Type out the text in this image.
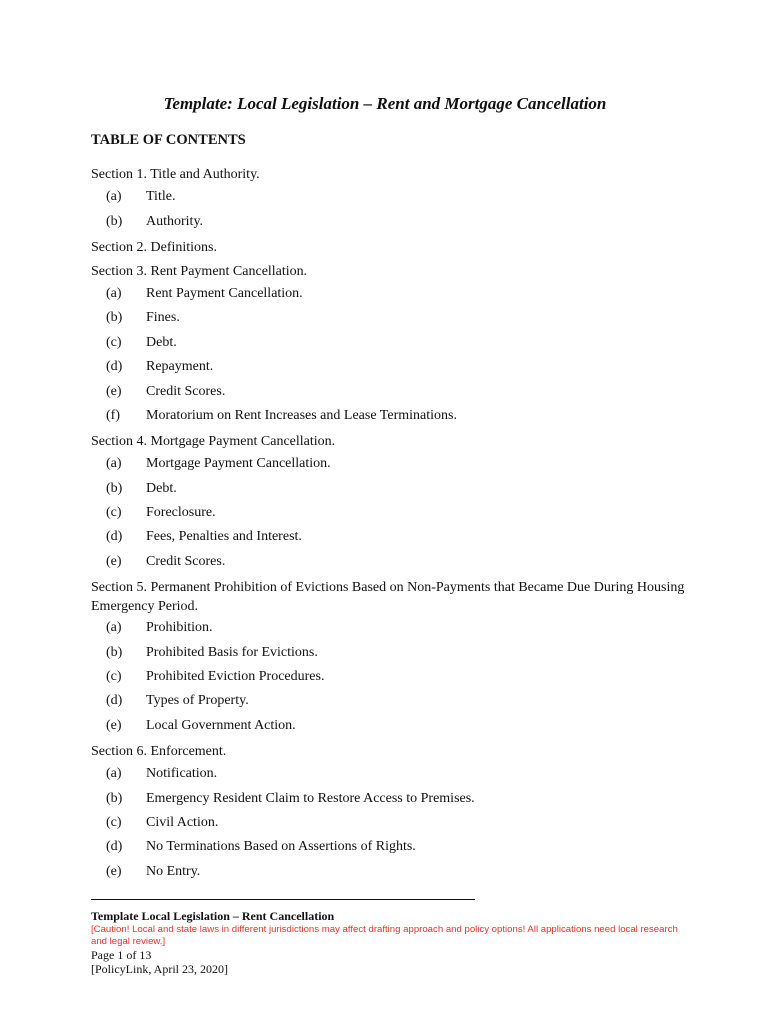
Template: Local Legislation – Rent and Mortgage Cancellation
TABLE OF CONTENTS
Section 1. Title and Authority.
(a)	Title.
(b)	Authority.
Section 2. Definitions.
Section 3. Rent Payment Cancellation.
(a)	Rent Payment Cancellation.
(b)	Fines.
(c)	Debt.
(d)	Repayment.
(e)	Credit Scores.
(f)	Moratorium on Rent Increases and Lease Terminations.
Section 4. Mortgage Payment Cancellation.
(a)	Mortgage Payment Cancellation.
(b)	Debt.
(c)	Foreclosure.
(d)	Fees, Penalties and Interest.
(e)	Credit Scores.
Section 5. Permanent Prohibition of Evictions Based on Non-Payments that Became Due During Housing Emergency Period.
(a)	Prohibition.
(b)	Prohibited Basis for Evictions.
(c)	Prohibited Eviction Procedures.
(d)	Types of Property.
(e)	Local Government Action.
Section 6. Enforcement.
(a)	Notification.
(b)	Emergency Resident Claim to Restore Access to Premises.
(c)	Civil Action.
(d)	No Terminations Based on Assertions of Rights.
(e)	No Entry.
Template Local Legislation – Rent Cancellation
[Caution! Local and state laws in different jurisdictions may affect drafting approach and policy options! All applications need local research and legal review.]
Page 1 of 13
[PolicyLink, April 23, 2020]
